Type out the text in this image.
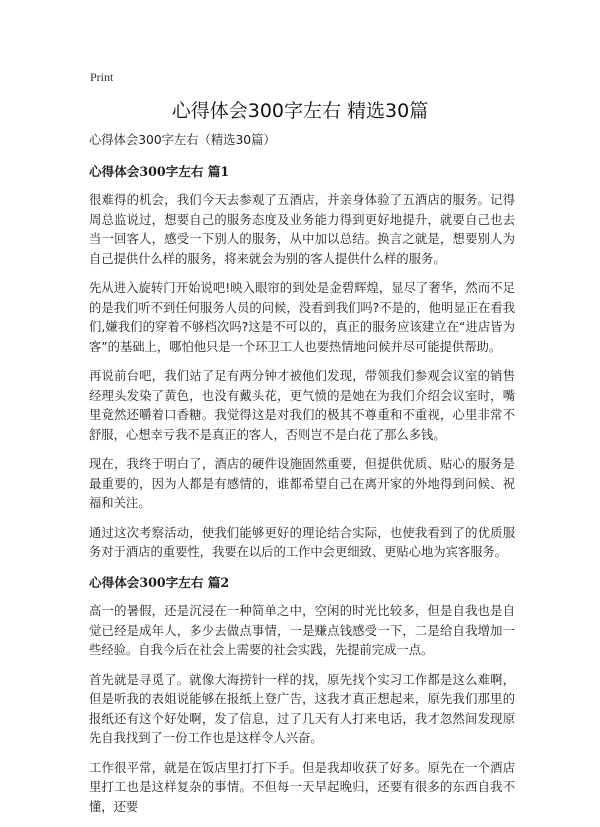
Print
心得体会300字左右 精选30篇

心得体会300字左右（精选30篇）

心得体会300字左右 篇1

很难得的机会，我们今天去参观了五酒店，并亲身体验了五酒店的服务。记得周总监说过，想要自己的服务态度及业务能力得到更好地提升，就要自己也去当一回客人，感受一下别人的服务，从中加以总结。换言之就是，想要别人为自己提供什么样的服务，将来就会为别的客人提供什么样的服务。

先从进入旋转门开始说吧!映入眼帘的到处是金碧辉煌，显尽了奢华，然而不足的是我们听不到任何服务人员的问候，没看到我们吗?不是的，他明显正在看我们,嫌我们的穿着不够档次吗?这是不可以的，真正的服务应该建立在“进店皆为客”的基础上，哪怕他只是一个环卫工人也要热情地问候并尽可能提供帮助。

再说前台吧，我们站了足有两分钟才被他们发现，带领我们参观会议室的销售经理头发染了黄色，也没有戴头花，更气愤的是她在为我们介绍会议室时，嘴里竟然还嚼着口香糖。我觉得这是对我们的极其不尊重和不重视，心里非常不舒服，心想幸亏我不是真正的客人，否则岂不是白花了那么多钱。

现在，我终于明白了，酒店的硬件设施固然重要，但提供优质、贴心的服务是最重要的，因为人都是有感情的，谁都希望自己在离开家的外地得到问候、祝福和关注。

通过这次考察活动，使我们能够更好的理论结合实际，也使我看到了的优质服务对于酒店的重要性，我要在以后的工作中会更细致、更贴心地为宾客服务。

心得体会300字左右 篇2

高一的暑假，还是沉浸在一种简单之中，空闲的时光比较多，但是自我也是自觉已经是成年人，多少去做点事情，一是赚点钱感受一下，二是给自我增加一些经验。自我今后在社会上需要的社会实践，先提前完成一点。

首先就是寻觅了。就像大海捞针一样的找，原先找个实习工作都是这么难啊，但是听我的表姐说能够在报纸上登广告，这我才真正想起来，原先我们那里的报纸还有这个好处啊，发了信息，过了几天有人打来电话，我才忽然间发现原先自我找到了一份工作也是这样令人兴奋。

工作很平常，就是在饭店里打打下手。但是我却收获了好多。原先在一个酒店里打工也是这样复杂的事情。不但每一天早起晚归，还要有很多的东西自我不懂，还要
